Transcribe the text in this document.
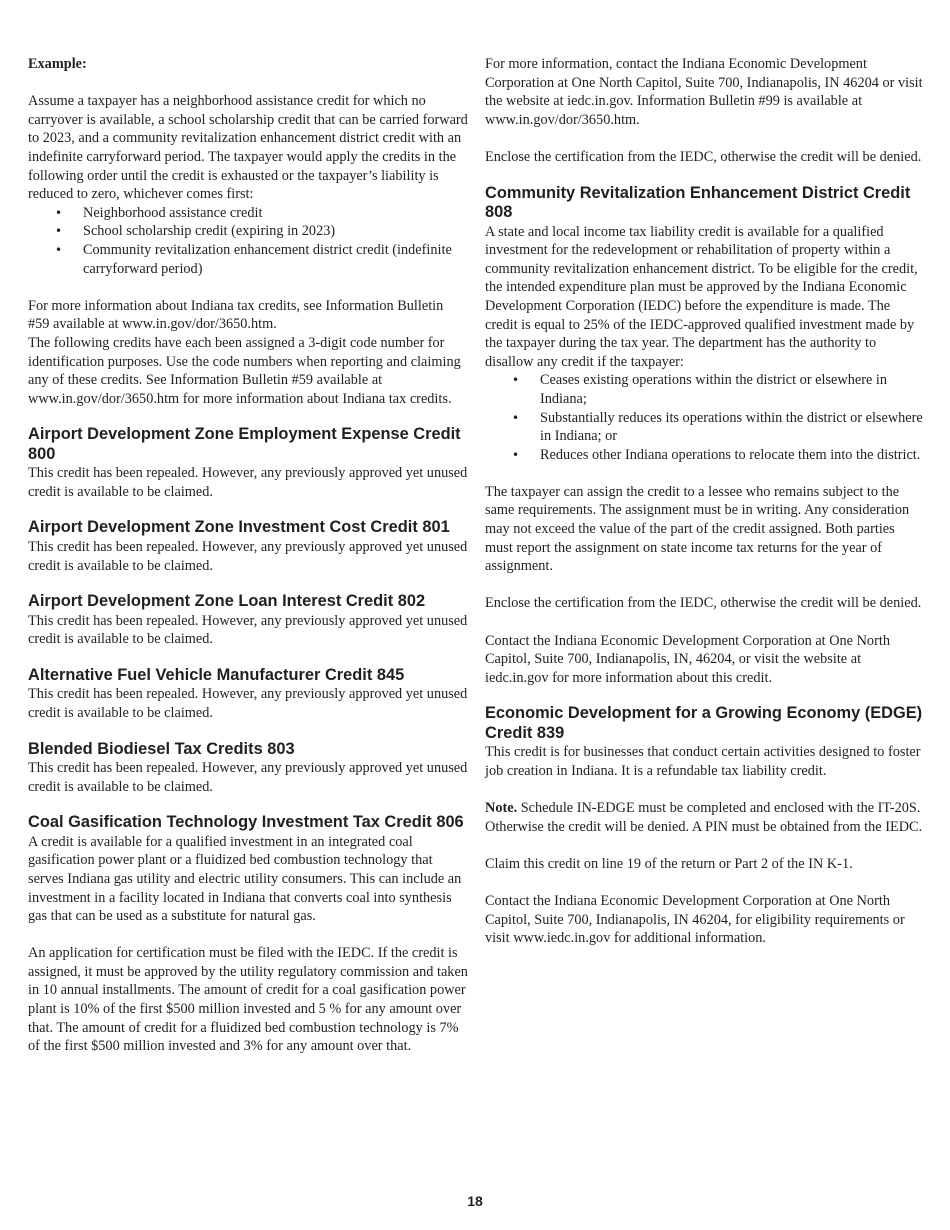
Example:

Assume a taxpayer has a neighborhood assistance credit for which no carryover is available, a school scholarship credit that can be carried forward to 2023, and a community revitalization enhancement district credit with an indefinite carryforward period. The taxpayer would apply the credits in the following order until the credit is exhausted or the taxpayer’s liability is reduced to zero, whichever comes first:

• Neighborhood assistance credit
• School scholarship credit (expiring in 2023)
• Community revitalization enhancement district credit (indefinite carryforward period)

For more information about Indiana tax credits, see Information Bulletin #59 available at www.in.gov/dor/3650.htm.

The following credits have each been assigned a 3-digit code number for identification purposes. Use the code numbers when reporting and claiming any of these credits. See Information Bulletin #59 available at www.in.gov/dor/3650.htm for more information about Indiana tax credits.

Airport Development Zone Employment Expense Credit 800

This credit has been repealed. However, any previously approved yet unused credit is available to be claimed.

Airport Development Zone Investment Cost Credit 801

This credit has been repealed. However, any previously approved yet unused credit is available to be claimed.

Airport Development Zone Loan Interest Credit 802

This credit has been repealed. However, any previously approved yet unused credit is available to be claimed.

Alternative Fuel Vehicle Manufacturer Credit 845

This credit has been repealed. However, any previously approved yet unused credit is available to be claimed.

Blended Biodiesel Tax Credits 803

This credit has been repealed. However, any previously approved yet unused credit is available to be claimed.

Coal Gasification Technology Investment Tax Credit 806

A credit is available for a qualified investment in an integrated coal gasification power plant or a fluidized bed combustion technology that serves Indiana gas utility and electric utility consumers. This can include an investment in a facility located in Indiana that converts coal into synthesis gas that can be used as a substitute for natural gas.

An application for certification must be filed with the IEDC. If the credit is assigned, it must be approved by the utility regulatory commission and taken in 10 annual installments. The amount of credit for a coal gasification power plant is 10% of the first $500 million invested and 5 % for any amount over that. The amount of credit for a fluidized bed combustion technology is 7% of the first $500 million invested and 3% for any amount over that.

For more information, contact the Indiana Economic Development Corporation at One North Capitol, Suite 700, Indianapolis, IN 46204 or visit the website at iedc.in.gov. Information Bulletin #99 is available at www.in.gov/dor/3650.htm.

Enclose the certification from the IEDC, otherwise the credit will be denied.

Community Revitalization Enhancement District Credit 808

A state and local income tax liability credit is available for a qualified investment for the redevelopment or rehabilitation of property within a community revitalization enhancement district. To be eligible for the credit, the intended expenditure plan must be approved by the Indiana Economic Development Corporation (IEDC) before the expenditure is made. The credit is equal to 25% of the IEDC-approved qualified investment made by the taxpayer during the tax year. The department has the authority to disallow any credit if the taxpayer:

• Ceases existing operations within the district or elsewhere in Indiana;
• Substantially reduces its operations within the district or elsewhere in Indiana; or
• Reduces other Indiana operations to relocate them into the district.

The taxpayer can assign the credit to a lessee who remains subject to the same requirements. The assignment must be in writing. Any consideration may not exceed the value of the part of the credit assigned. Both parties must report the assignment on state income tax returns for the year of assignment.

Enclose the certification from the IEDC, otherwise the credit will be denied.

Contact the Indiana Economic Development Corporation at One North Capitol, Suite 700, Indianapolis, IN, 46204, or visit the website at iedc.in.gov for more information about this credit.

Economic Development for a Growing Economy (EDGE) Credit 839

This credit is for businesses that conduct certain activities designed to foster job creation in Indiana. It is a refundable tax liability credit.

Note. Schedule IN-EDGE must be completed and enclosed with the IT-20S. Otherwise the credit will be denied. A PIN must be obtained from the IEDC.

Claim this credit on line 19 of the return or Part 2 of the IN K-1.

Contact the Indiana Economic Development Corporation at One North Capitol, Suite 700, Indianapolis, IN 46204, for eligibility requirements or visit www.iedc.in.gov for additional information.

18
